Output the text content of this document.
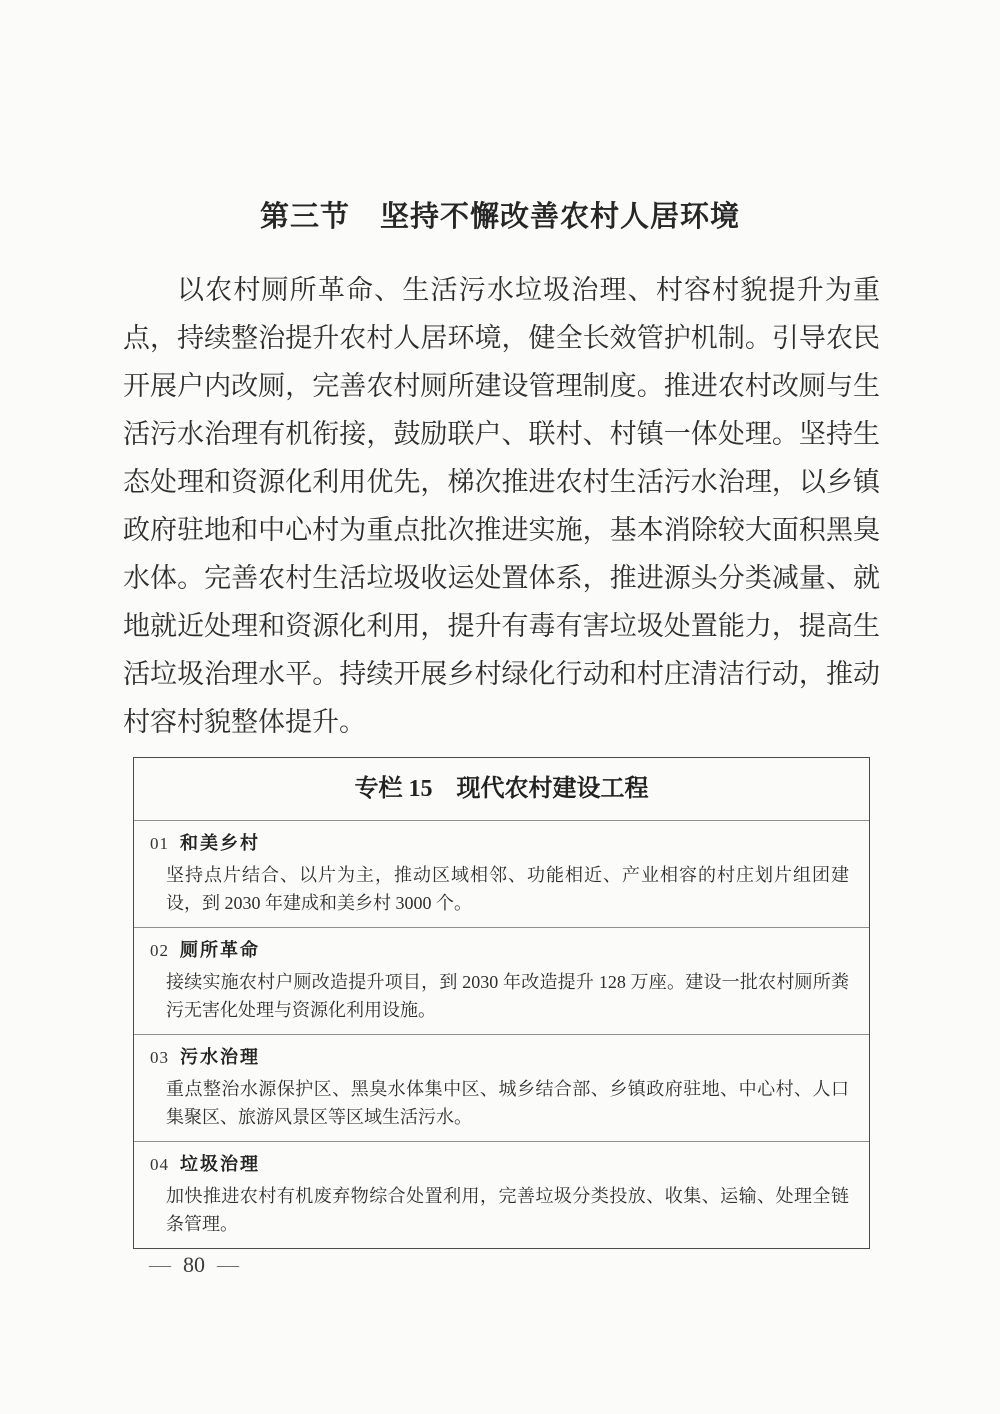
第三节　坚持不懈改善农村人居环境
以农村厕所革命、生活污水垃圾治理、村容村貌提升为重
点，持续整治提升农村人居环境，健全长效管护机制。引导农民
开展户内改厕，完善农村厕所建设管理制度。推进农村改厕与生
活污水治理有机衔接，鼓励联户、联村、村镇一体处理。坚持生
态处理和资源化利用优先，梯次推进农村生活污水治理，以乡镇
政府驻地和中心村为重点批次推进实施，基本消除较大面积黑臭
水体。完善农村生活垃圾收运处置体系，推进源头分类减量、就
地就近处理和资源化利用，提升有毒有害垃圾处置能力，提高生
活垃圾治理水平。持续开展乡村绿化行动和村庄清洁行动，推动
村容村貌整体提升。
专栏 15　现代农村建设工程
01 和美乡村
坚持点片结合、以片为主，推动区域相邻、功能相近、产业相容的村庄划片组团建设，到 2030 年建成和美乡村 3000 个。
02 厕所革命
接续实施农村户厕改造提升项目，到 2030 年改造提升 128 万座。建设一批农村厕所粪污无害化处理与资源化利用设施。
03 污水治理
重点整治水源保护区、黑臭水体集中区、城乡结合部、乡镇政府驻地、中心村、人口集聚区、旅游风景区等区域生活污水。
04 垃圾治理
加快推进农村有机废弃物综合处置利用，完善垃圾分类投放、收集、运输、处理全链条管理。
— 80 —
